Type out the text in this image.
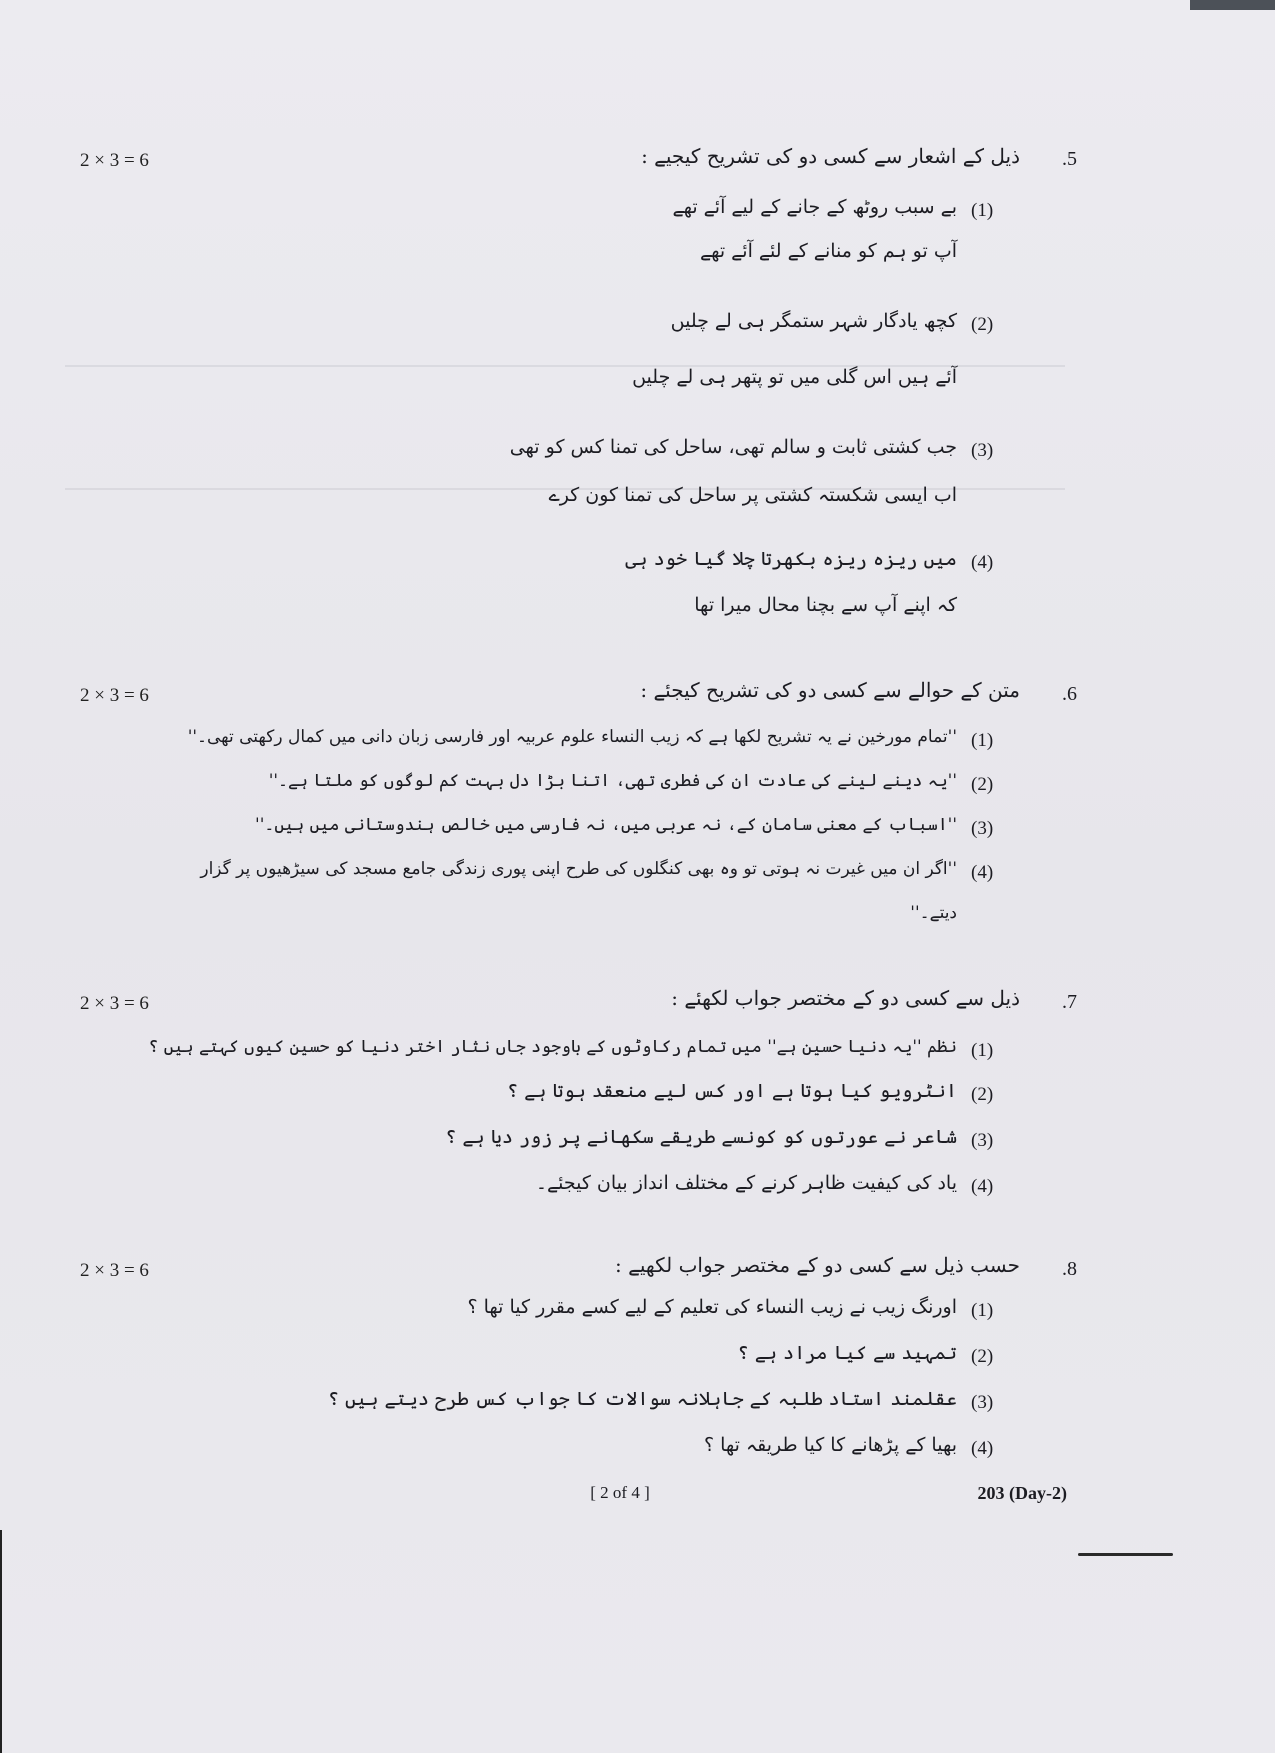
2 × 3 = 6	.5
ذیل کے اشعار سے کسی دو کی تشریح کیجیے :
(1)
بے سبب روٹھ کے جانے کے لیے آئے تھے
آپ تو ہم کو منانے کے لئے آئے تھے
(2)
کچھ یادگار شہر ستمگر ہی لے چلیں
آئے ہیں اس گلی میں تو پتھر ہی لے چلیں
(3)
جب کشتی ثابت و سالم تھی، ساحل کی تمنا کس کو تھی
اب ایسی شکستہ کشتی پر ساحل کی تمنا کون کرے
(4)
میں ریزہ ریزہ بکھرتا چلا گیا خود ہی
کہ اپنے آپ سے بچنا محال میرا تھا
2 × 3 = 6	.6
متن کے حوالے سے کسی دو کی تشریح کیجئے :
(1)
''تمام مورخین نے یہ تشریح لکھا ہے کہ زیب النساء علوم عربیہ اور فارسی زبان دانی میں کمال رکھتی تھی۔''
(2)
''یہ دینے لینے کی عادت ان کی فطری تھی، اتنا بڑا دل بہت کم لوگوں کو ملتا ہے۔''
(3)
''اسباب کے معنی سامان کے، نہ عربی میں، نہ فارسی میں خالص ہندوستانی میں ہیں۔''
(4)
''اگر ان میں غیرت نہ ہوتی تو وہ بھی کنگلوں کی طرح اپنی پوری زندگی جامع مسجد کی سیڑھیوں پر گزار
دیتے۔''
2 × 3 = 6	.7
ذیل سے کسی دو کے مختصر جواب لکھئے :
(1)
نظم ''یہ دنیا حسین ہے'' میں تمام رکاوٹوں کے باوجود جاں نثار اختر دنیا کو حسین کیوں کہتے ہیں ؟
(2)
انٹرویو کیا ہوتا ہے اور کس لیے منعقد ہوتا ہے ؟
(3)
شاعر نے عورتوں کو کونسے طریقے سکھانے پر زور دیا ہے ؟
(4)
یاد کی کیفیت ظاہر کرنے کے مختلف انداز بیان کیجئے۔
2 × 3 = 6	.8
حسب ذیل سے کسی دو کے مختصر جواب لکھیے :
(1)
اورنگ زیب نے زیب النساء کی تعلیم کے لیے کسے مقرر کیا تھا ؟
(2)
تمہید سے کیا مراد ہے ؟
(3)
عقلمند استاد طلبہ کے جاہلانہ سوالات کا جواب کس طرح دیتے ہیں ؟
(4)
بھیا کے پڑھانے کا کیا طریقہ تھا ؟
[ 2 of 4 ]	203 (Day-2)
